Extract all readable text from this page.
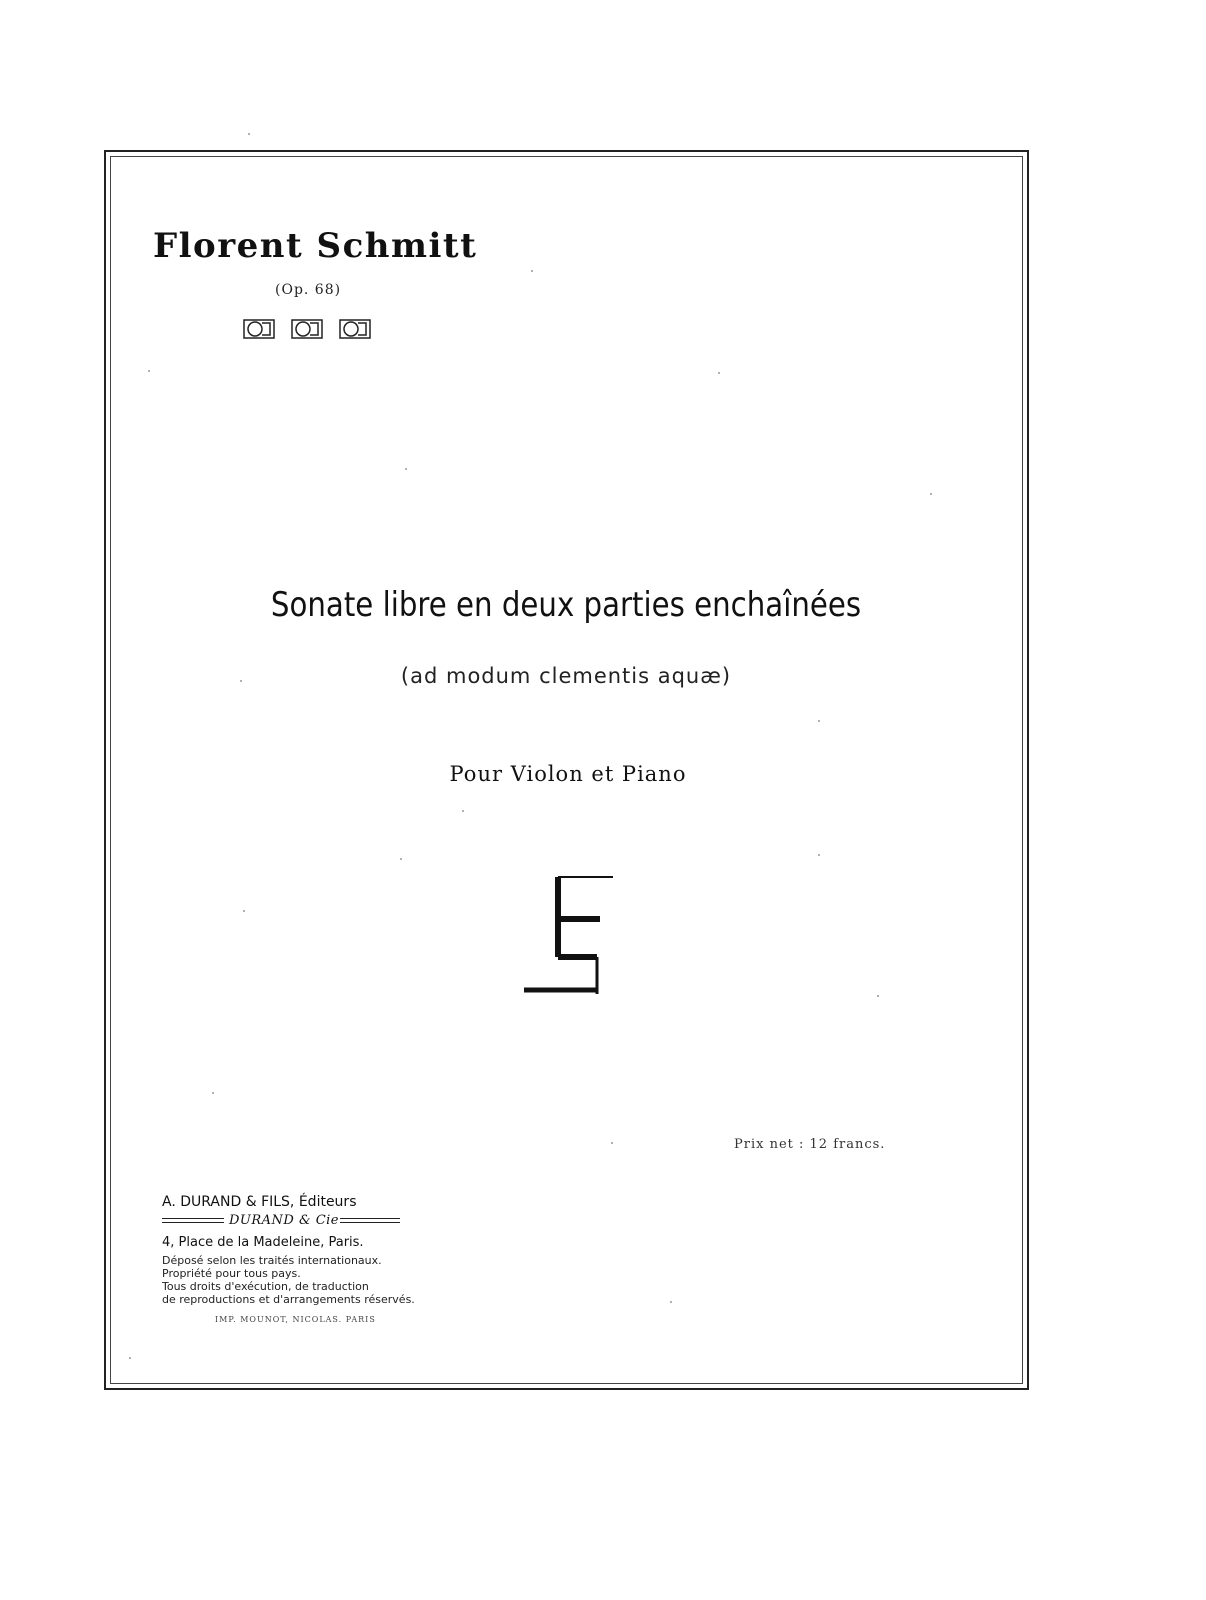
Florent Schmitt
(Op. 68)
Sonate libre en deux parties enchaînées
(ad modum clementis aquæ)
Pour Violon et Piano
Prix net : 12 francs.
A. DURAND & FILS, Éditeurs
DURAND & Cie
4, Place de la Madeleine, Paris.
Déposé selon les traités internationaux.
Propriété pour tous pays.
Tous droits d'exécution, de traduction
de reproductions et d'arrangements réservés.
IMP. MOUNOT, NICOLAS. PARIS
